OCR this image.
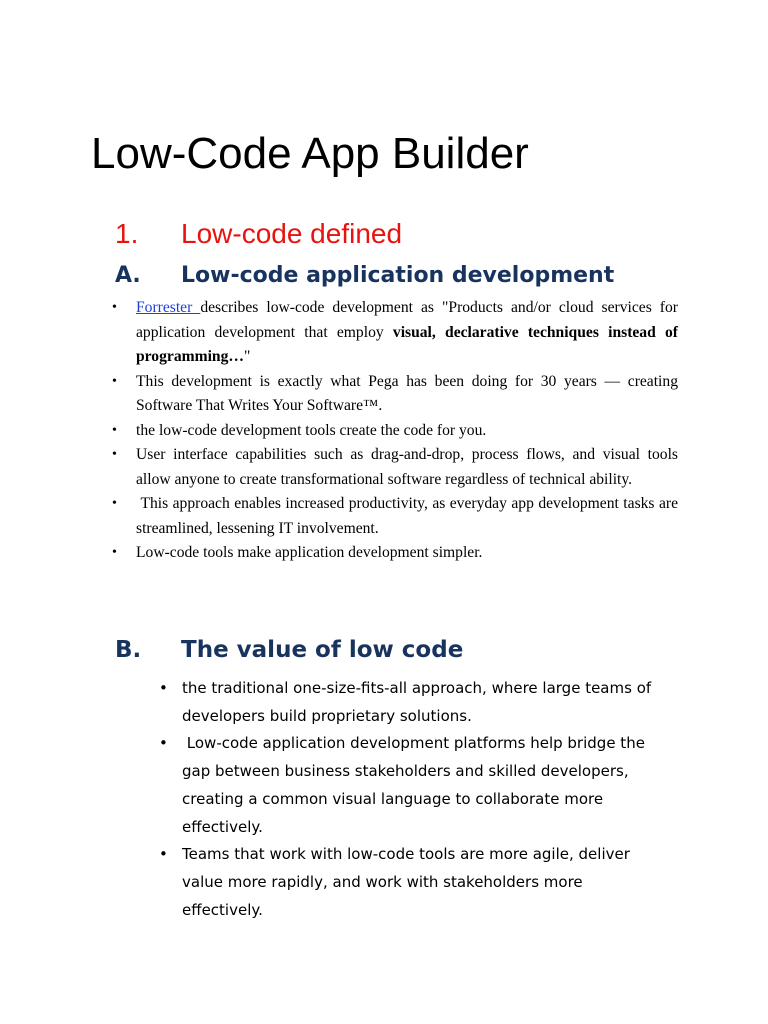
Low-Code App Builder
1. Low-code defined
A. Low-code application development
• Forrester describes low-code development as "Products and/or cloud services for application development that employ visual, declarative techniques instead of programming…"
• This development is exactly what Pega has been doing for 30 years — creating Software That Writes Your Software™.
• the low-code development tools create the code for you.
• User interface capabilities such as drag-and-drop, process flows, and visual tools allow anyone to create transformational software regardless of technical ability.
•  This approach enables increased productivity, as everyday app development tasks are streamlined, lessening IT involvement.
• Low-code tools make application development simpler.
B. The value of low code
• the traditional one-size-fits-all approach, where large teams of developers build proprietary solutions.
•  Low-code application development platforms help bridge the gap between business stakeholders and skilled developers, creating a common visual language to collaborate more effectively.
• Teams that work with low-code tools are more agile, deliver value more rapidly, and work with stakeholders more effectively.
